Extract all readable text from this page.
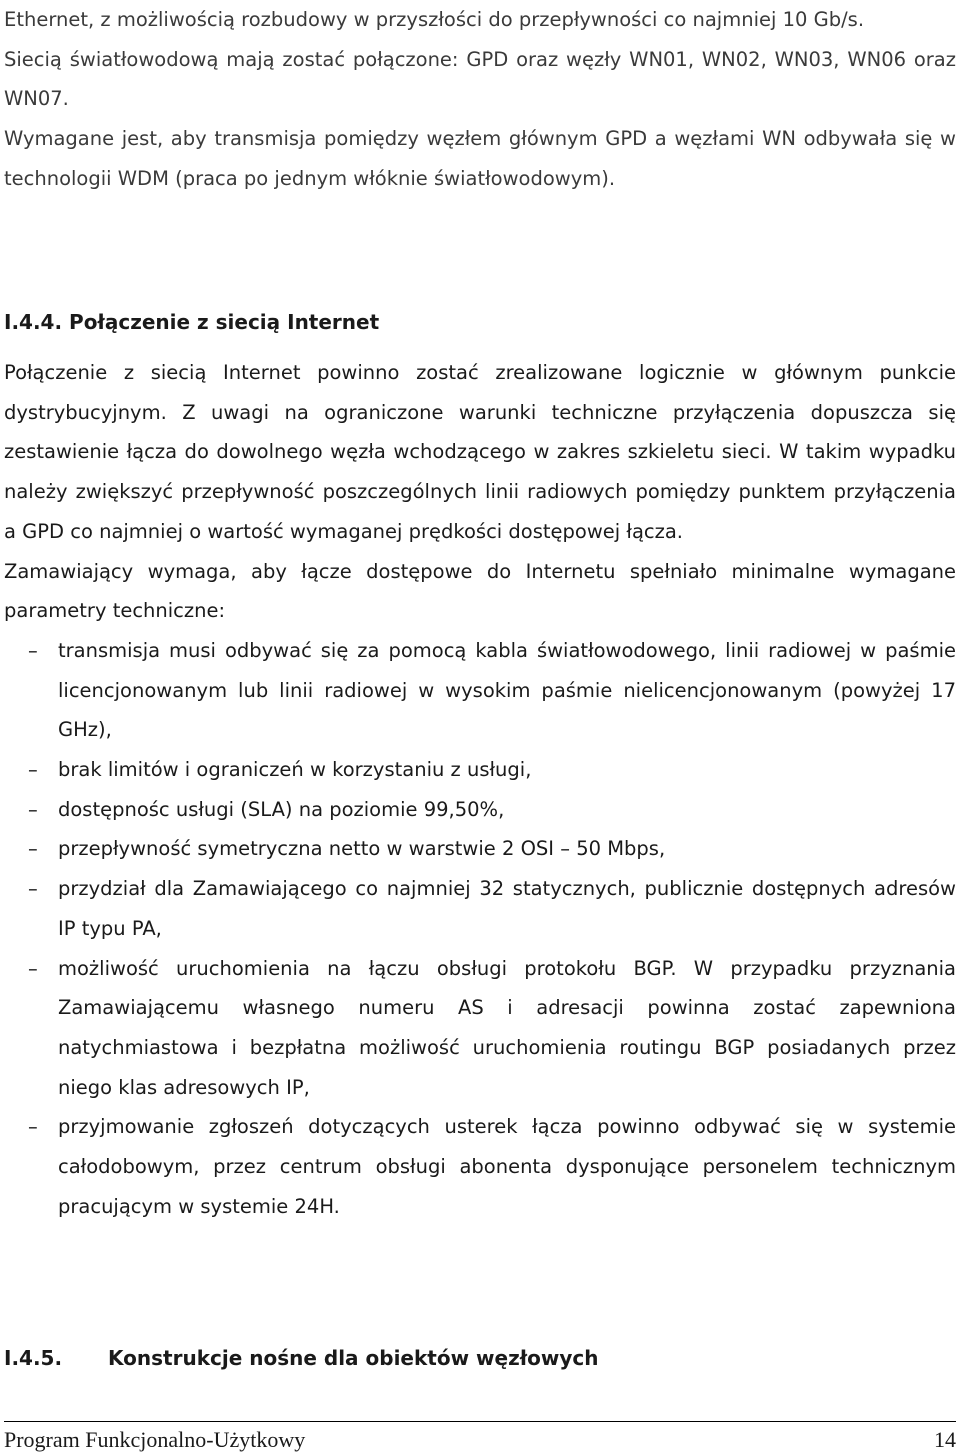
Ethernet, z możliwością rozbudowy w przyszłości do przepływności co najmniej 10 Gb/s.

Siecią światłowodową mają zostać połączone: GPD oraz węzły WN01, WN02, WN03, WN06 oraz WN07.

Wymagane jest, aby transmisja pomiędzy węzłem głównym GPD a węzłami WN odbywała się w technologii WDM (praca po jednym włóknie światłowodowym).

I.4.4. Połączenie z siecią Internet

Połączenie z siecią Internet powinno zostać zrealizowane logicznie w głównym punkcie dystrybucyjnym. Z uwagi na ograniczone warunki techniczne przyłączenia dopuszcza się zestawienie łącza do dowolnego węzła wchodzącego w zakres szkieletu sieci. W takim wypadku należy zwiększyć przepływność poszczególnych linii radiowych pomiędzy punktem przyłączenia a GPD co najmniej o wartość wymaganej prędkości dostępowej łącza.

Zamawiający wymaga, aby łącze dostępowe do Internetu spełniało minimalne wymagane parametry techniczne:

– transmisja musi odbywać się za pomocą kabla światłowodowego, linii radiowej w paśmie licencjonowanym lub linii radiowej w wysokim paśmie nielicencjonowanym (powyżej 17 GHz),
– brak limitów i ograniczeń w korzystaniu z usługi,
– dostępnośc usługi (SLA) na poziomie 99,50%,
– przepływność symetryczna netto w warstwie 2 OSI – 50 Mbps,
– przydział dla Zamawiającego co najmniej 32 statycznych, publicznie dostępnych adresów IP typu PA,
– możliwość uruchomienia na łączu obsługi protokołu BGP. W przypadku przyznania Zamawiającemu własnego numeru AS i adresacji powinna zostać zapewniona natychmiastowa i bezpłatna możliwość uruchomienia routingu BGP posiadanych przez niego klas adresowych IP,
– przyjmowanie zgłoszeń dotyczących usterek łącza powinno odbywać się w systemie całodobowym, przez centrum obsługi abonenta dysponujące personelem technicznym pracującym w systemie 24H.
I.4.5. Konstrukcje nośne dla obiektów węzłowych
Program Funkcjonalno-Użytkowy	14
